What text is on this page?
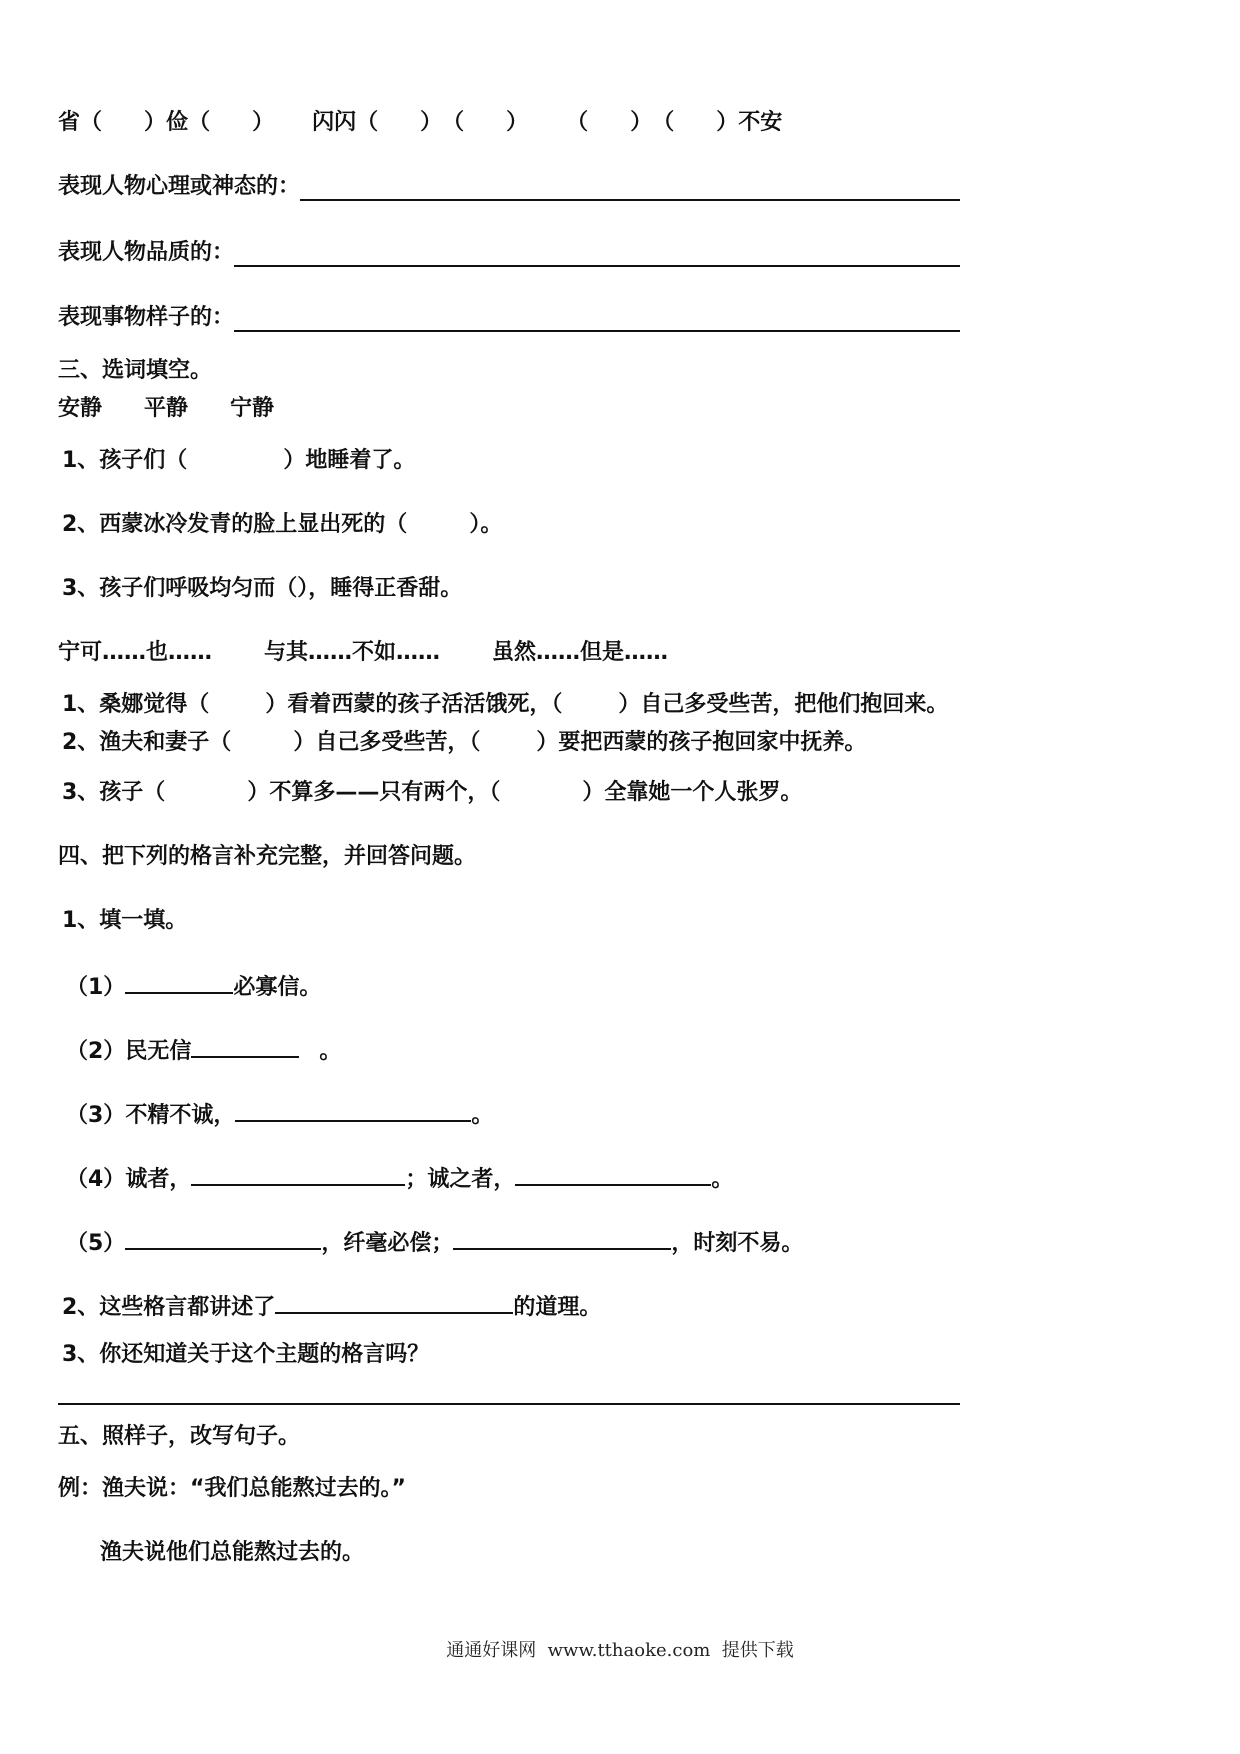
省（ ）俭（ ） 闪闪（ ）（ ） （ ）（ ）不安
表现人物心理或神态的：
表现人物品质的：
表现事物样子的：
三、选词填空。
安静 平静 宁静
1、孩子们（	）地睡着了。
2、西蒙冰冷发青的脸上显出死的（	）。
3、孩子们呼吸均匀而（），睡得正香甜。
宁可……也…… 与其……不如…… 虽然……但是……
1、桑娜觉得（	）看着西蒙的孩子活活饿死，（	）自己多受些苦，把他们抱回来。
2、渔夫和妻子（	）自己多受些苦，（	）要把西蒙的孩子抱回家中抚养。
3、孩子（	）不算多——只有两个，（	）全靠她一个人张罗。
四、把下列的格言补充完整，并回答问题。
1、填一填。
（1）	必寡信。
（2）民无信	。
（3）不精不诚，	。
（4）诚者，	；诚之者，	。
（5）	，纤毫必偿；	，时刻不易。
2、这些格言都讲述了	的道理。
3、你还知道关于这个主题的格言吗？
五、照样子，改写句子。
例：渔夫说：“我们总能熬过去的。”
渔夫说他们总能熬过去的。
通通好课网  www.tthaoke.com  提供下载
